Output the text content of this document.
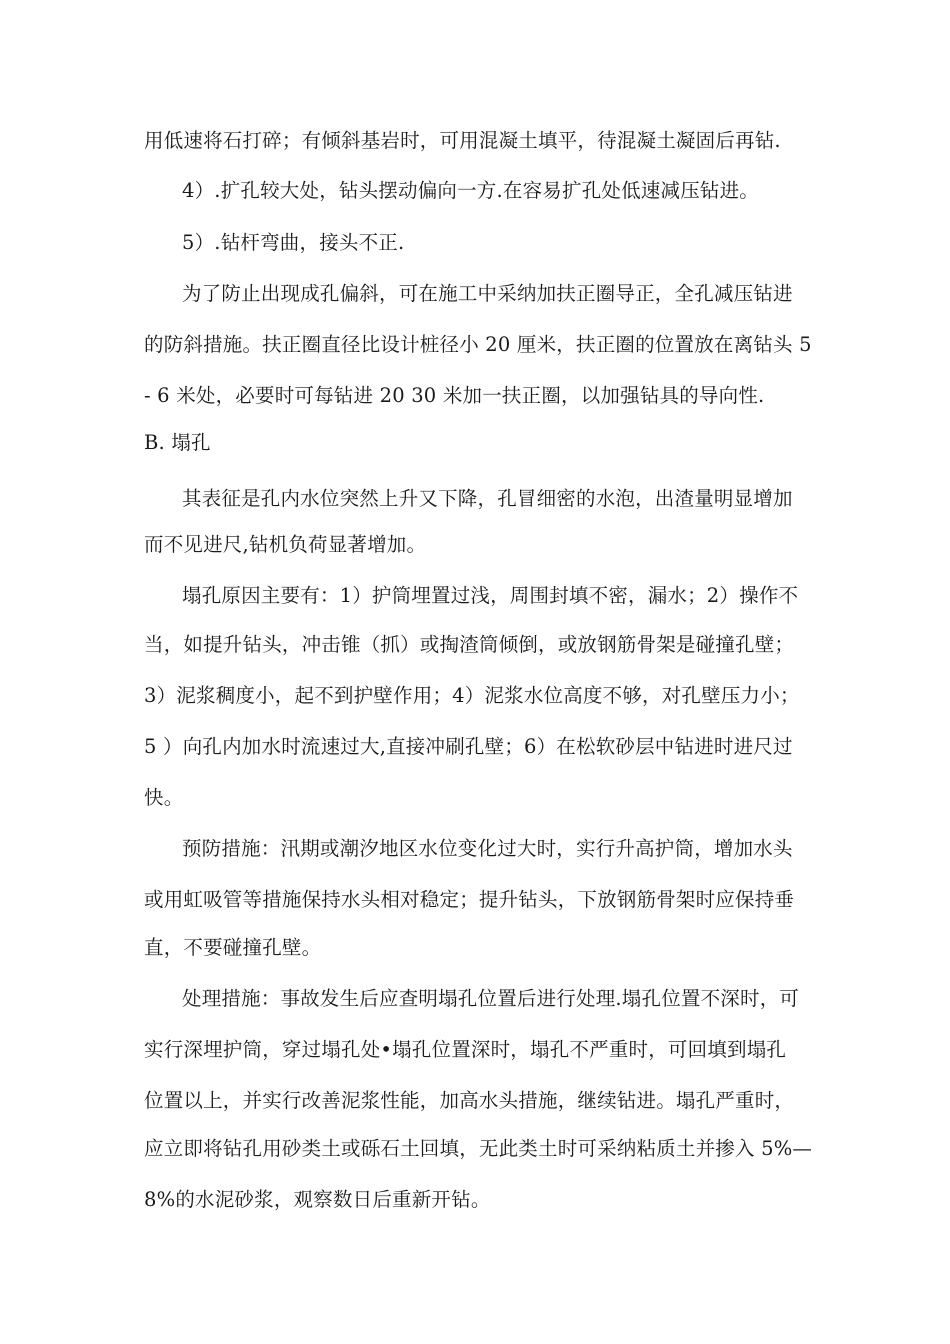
用低速将石打碎；有倾斜基岩时，可用混凝土填平，待混凝土凝固后再钻.
4）.扩孔较大处，钻头摆动偏向一方.在容易扩孔处低速减压钻进。
5）.钻杆弯曲，接头不正.
为了防止出现成孔偏斜，可在施工中采纳加扶正圈导正，全孔减压钻进
的防斜措施。扶正圈直径比设计桩径小 20 厘米，扶正圈的位置放在离钻头 5
- 6 米处，必要时可每钻进 20 30 米加一扶正圈，以加强钻具的导向性.
B. 塌孔
其表征是孔内水位突然上升又下降，孔冒细密的水泡，出渣量明显增加
而不见进尺,钻机负荷显著增加。
塌孔原因主要有：1）护筒埋置过浅，周围封填不密，漏水；2）操作不
当，如提升钻头，冲击锥（抓）或掏渣筒倾倒，或放钢筋骨架是碰撞孔壁；
3）泥浆稠度小，起不到护壁作用；4）泥浆水位高度不够，对孔壁压力小；
5 ）向孔内加水时流速过大,直接冲刷孔壁；6）在松软砂层中钻进时进尺过
快。
预防措施：汛期或潮汐地区水位变化过大时，实行升高护筒，增加水头
或用虹吸管等措施保持水头相对稳定；提升钻头，下放钢筋骨架时应保持垂
直，不要碰撞孔壁。
处理措施：事故发生后应查明塌孔位置后进行处理.塌孔位置不深时，可
实行深埋护筒，穿过塌孔处•塌孔位置深时，塌孔不严重时，可回填到塌孔
位置以上，并实行改善泥浆性能，加高水头措施，继续钻进。塌孔严重时，
应立即将钻孔用砂类土或砾石土回填，无此类土时可采纳粘质土并掺入 5%—
8%的水泥砂浆，观察数日后重新开钻。
